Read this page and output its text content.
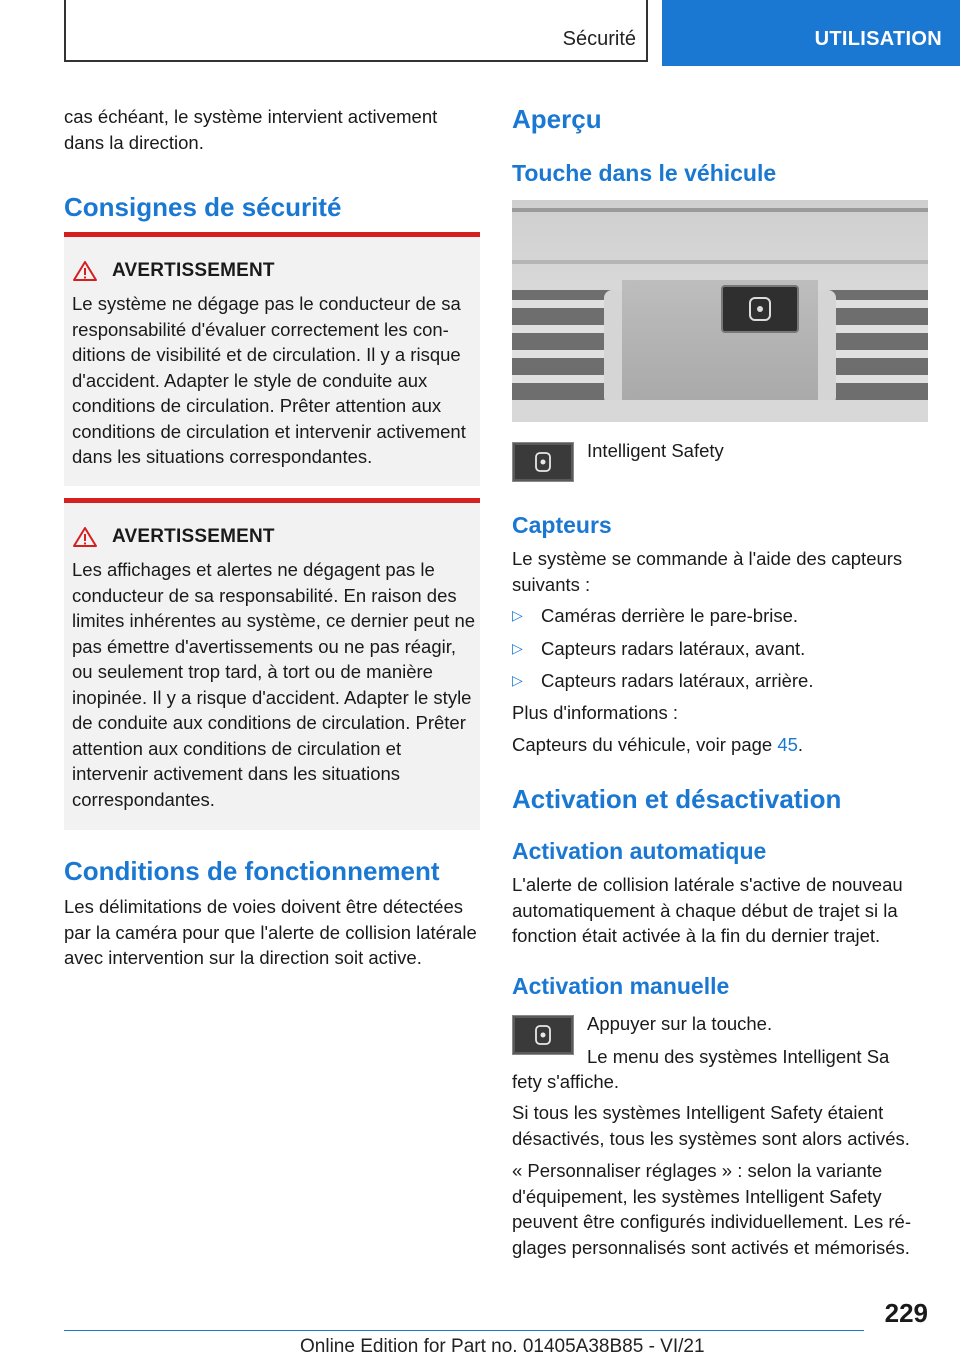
Sécurité	UTILISATION
cas échéant, le système intervient activement dans la direction.
Consignes de sécurité
AVERTISSEMENT
Le système ne dégage pas le conducteur de sa responsabilité d'évaluer correctement les conditions de visibilité et de circulation. Il y a risque d'accident. Adapter le style de conduite aux conditions de circulation. Prêter attention aux conditions de circulation et intervenir activement dans les situations correspondantes.
AVERTISSEMENT
Les affichages et alertes ne dégagent pas le conducteur de sa responsabilité. En raison des limites inhérentes au système, ce dernier peut ne pas émettre d'avertissements ou ne pas réagir, ou seulement trop tard, à tort ou de manière inopinée. Il y a risque d'accident. Adapter le style de conduite aux conditions de circulation. Prêter attention aux conditions de circulation et intervenir activement dans les situations correspondantes.
Conditions de fonctionnement
Les délimitations de voies doivent être détectées par la caméra pour que l'alerte de collision latérale avec intervention sur la direction soit active.
Aperçu
Touche dans le véhicule
Intelligent Safety
Capteurs
Le système se commande à l'aide des capteurs suivants :
▷ Caméras derrière le pare-brise.
▷ Capteurs radars latéraux, avant.
▷ Capteurs radars latéraux, arrière.
Plus d'informations :
Capteurs du véhicule, voir page 45.
Activation et désactivation
Activation automatique
L'alerte de collision latérale s'active de nouveau automatiquement à chaque début de trajet si la fonction était activée à la fin du dernier trajet.
Activation manuelle
Appuyer sur la touche.
Le menu des systèmes Intelligent Sa
fety s'affiche.
Si tous les systèmes Intelligent Safety étaient désactivés, tous les systèmes sont alors activés.
« Personnaliser réglages » : selon la variante d'équipement, les systèmes Intelligent Safety peuvent être configurés individuellement. Les réglages personnalisés sont activés et mémorisés.
229
Online Edition for Part no. 01405A38B85 - VI/21
